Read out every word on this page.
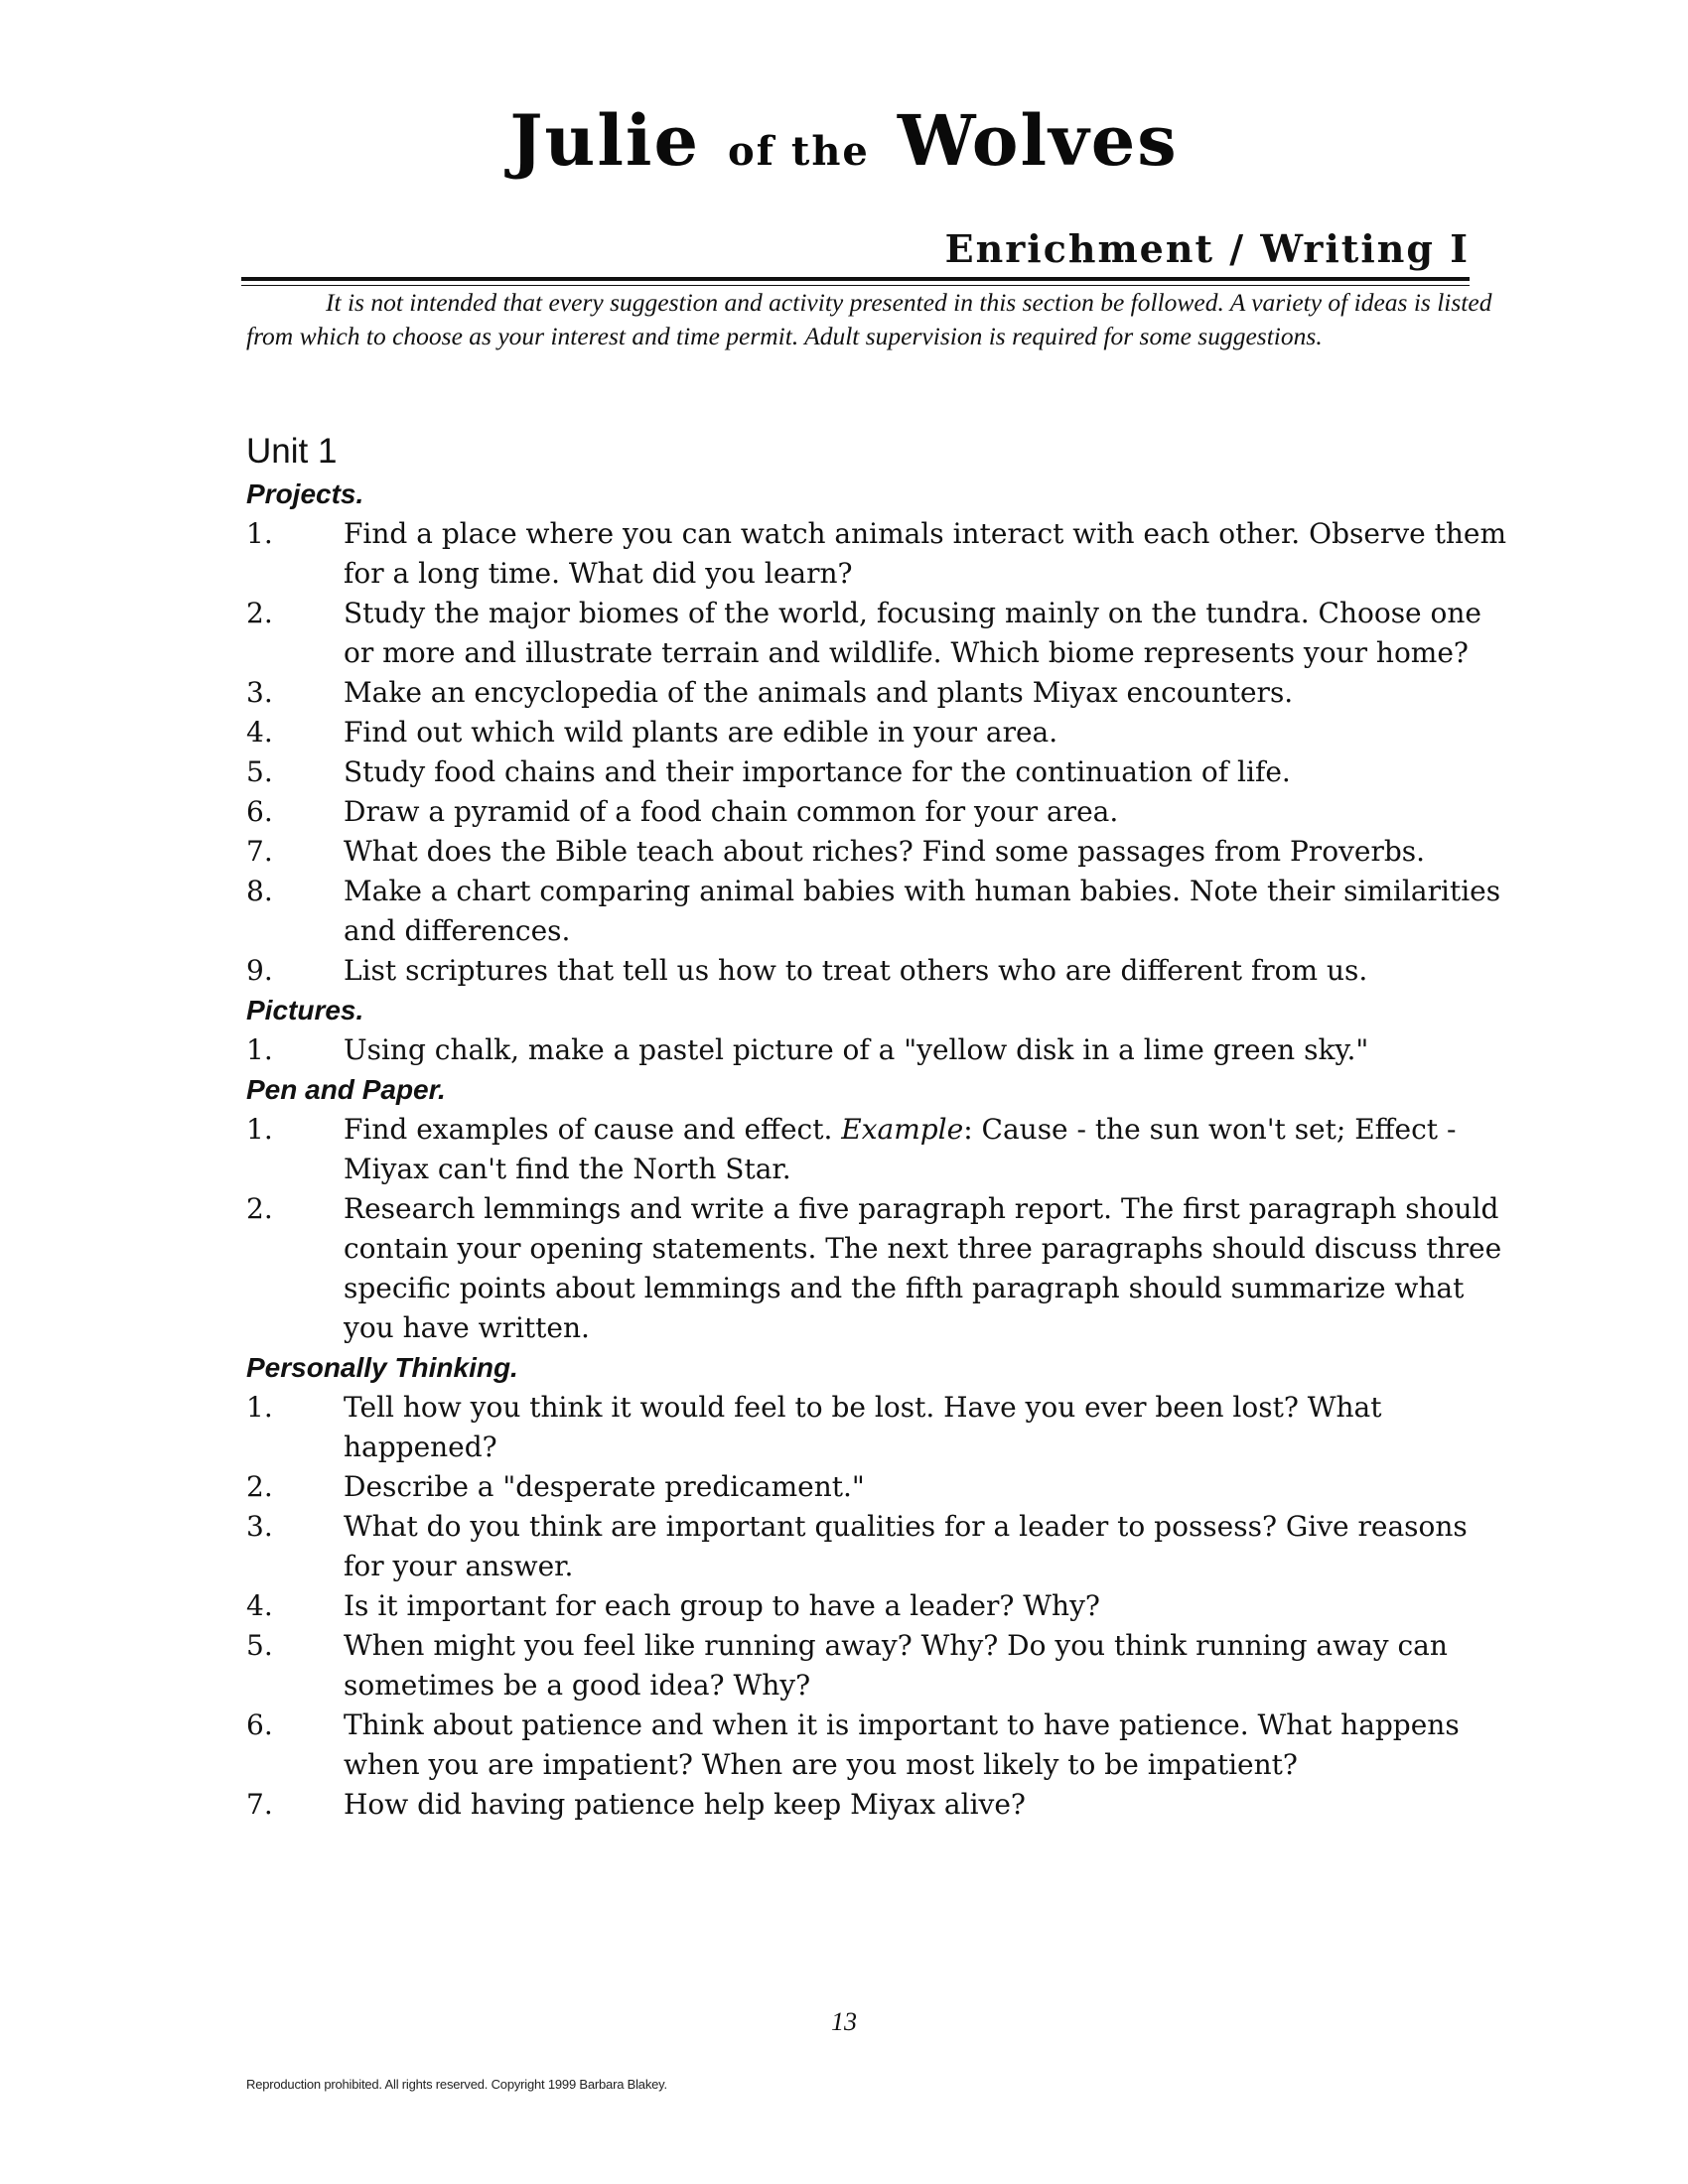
Julie of the Wolves
Enrichment / Writing I

It is not intended that every suggestion and activity presented in this section be followed. A variety of ideas is listed from which to choose as your interest and time permit. Adult supervision is required for some suggestions.

Unit 1
Projects.
1.	Find a place where you can watch animals interact with each other. Observe them for a long time. What did you learn?
2.	Study the major biomes of the world, focusing mainly on the tundra. Choose one or more and illustrate terrain and wildlife. Which biome represents your home?
3.	Make an encyclopedia of the animals and plants Miyax encounters.
4.	Find out which wild plants are edible in your area.
5.	Study food chains and their importance for the continuation of life.
6.	Draw a pyramid of a food chain common for your area.
7.	What does the Bible teach about riches? Find some passages from Proverbs.
8.	Make a chart comparing animal babies with human babies. Note their similarities and differences.
9.	List scriptures that tell us how to treat others who are different from us.
Pictures.
1.	Using chalk, make a pastel picture of a "yellow disk in a lime green sky."
Pen and Paper.
1.	Find examples of cause and effect. Example: Cause - the sun won't set; Effect - Miyax can't find the North Star.
2.	Research lemmings and write a five paragraph report. The first paragraph should contain your opening statements. The next three paragraphs should discuss three specific points about lemmings and the fifth paragraph should summarize what you have written.
Personally Thinking.
1.	Tell how you think it would feel to be lost. Have you ever been lost? What happened?
2.	Describe a "desperate predicament."
3.	What do you think are important qualities for a leader to possess? Give reasons for your answer.
4.	Is it important for each group to have a leader? Why?
5.	When might you feel like running away? Why? Do you think running away can sometimes be a good idea? Why?
6.	Think about patience and when it is important to have patience. What happens when you are impatient? When are you most likely to be impatient?
7.	How did having patience help keep Miyax alive?
13
Reproduction prohibited. All rights reserved. Copyright 1999 Barbara Blakey.
